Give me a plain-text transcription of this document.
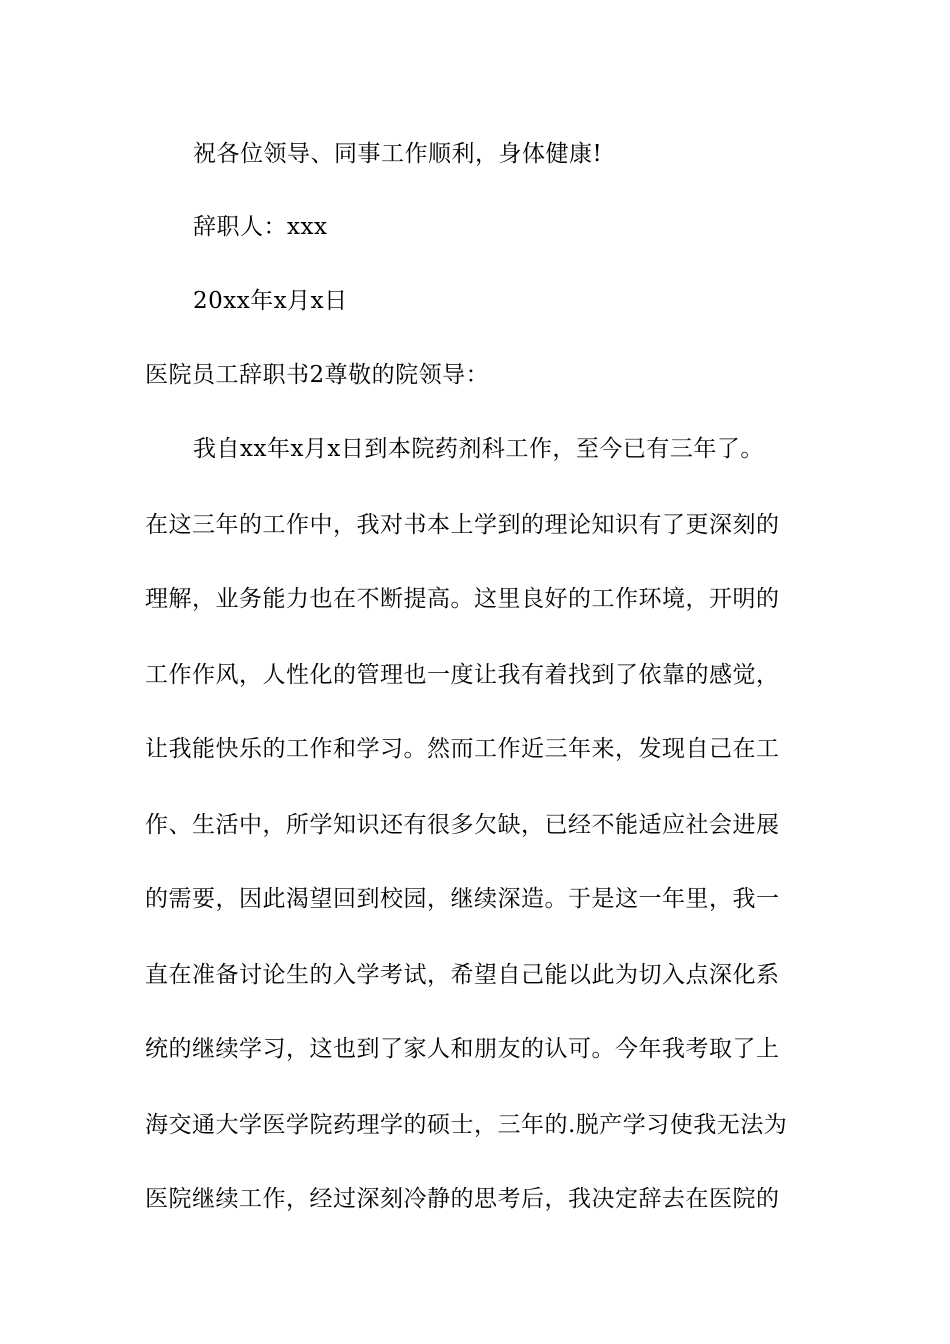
祝各位领导、同事工作顺利，身体健康!
辞职人：xxx
20xx年x月x日
医院员工辞职书2尊敬的院领导：
我自xx年x月x日到本院药剂科工作，至今已有三年了。
在这三年的工作中，我对书本上学到的理论知识有了更深刻的
理解，业务能力也在不断提高。这里良好的工作环境，开明的
工作作风，人性化的管理也一度让我有着找到了依靠的感觉，
让我能快乐的工作和学习。然而工作近三年来，发现自己在工
作、生活中，所学知识还有很多欠缺，已经不能适应社会进展
的需要，因此渴望回到校园，继续深造。于是这一年里，我一
直在准备讨论生的入学考试，希望自己能以此为切入点深化系
统的继续学习，这也到了家人和朋友的认可。今年我考取了上
海交通大学医学院药理学的硕士，三年的.脱产学习使我无法为
医院继续工作，经过深刻冷静的思考后，我决定辞去在医院的
